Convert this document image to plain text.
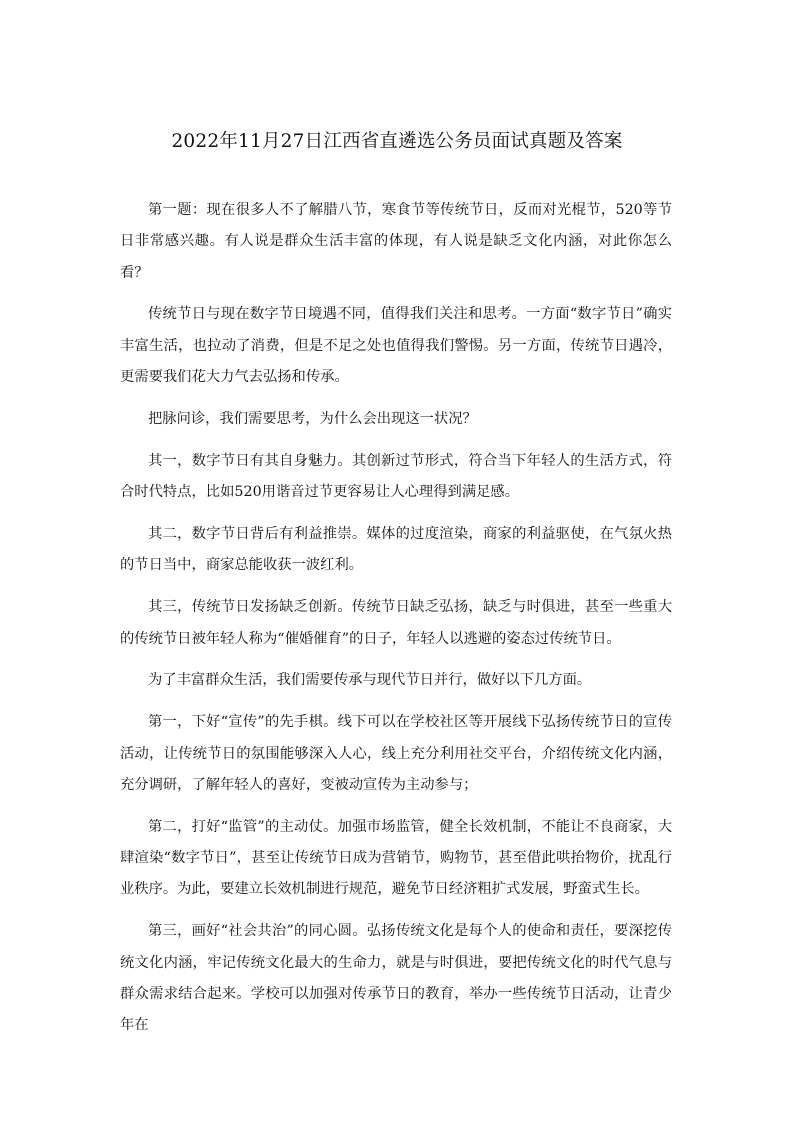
2022年11月27日江西省直遴选公务员面试真题及答案

第一题：现在很多人不了解腊八节，寒食节等传统节日，反而对光棍节，520等节日非常感兴趣。有人说是群众生活丰富的体现，有人说是缺乏文化内涵，对此你怎么看？

传统节日与现在数字节日境遇不同，值得我们关注和思考。一方面“数字节日”确实丰富生活，也拉动了消费，但是不足之处也值得我们警惕。另一方面，传统节日遇冷，更需要我们花大力气去弘扬和传承。

把脉问诊，我们需要思考，为什么会出现这一状况？

其一，数字节日有其自身魅力。其创新过节形式，符合当下年轻人的生活方式，符合时代特点，比如520用谐音过节更容易让人心理得到满足感。

其二，数字节日背后有利益推崇。媒体的过度渲染，商家的利益驱使，在气氛火热的节日当中，商家总能收获一波红利。

其三，传统节日发扬缺乏创新。传统节日缺乏弘扬，缺乏与时俱进，甚至一些重大的传统节日被年轻人称为“催婚催育”的日子，年轻人以逃避的姿态过传统节日。

为了丰富群众生活，我们需要传承与现代节日并行，做好以下几方面。

第一，下好“宣传”的先手棋。线下可以在学校社区等开展线下弘扬传统节日的宣传活动，让传统节日的氛围能够深入人心，线上充分利用社交平台，介绍传统文化内涵，充分调研，了解年轻人的喜好，变被动宣传为主动参与；

第二，打好“监管”的主动仗。加强市场监管，健全长效机制，不能让不良商家，大肆渲染“数字节日”，甚至让传统节日成为营销节，购物节，甚至借此哄抬物价，扰乱行业秩序。为此，要建立长效机制进行规范，避免节日经济粗扩式发展，野蛮式生长。

第三，画好“社会共治”的同心圆。弘扬传统文化是每个人的使命和责任，要深挖传统文化内涵，牢记传统文化最大的生命力，就是与时俱进，要把传统文化的时代气息与群众需求结合起来。学校可以加强对传承节日的教育，举办一些传统节日活动，让青少年在
